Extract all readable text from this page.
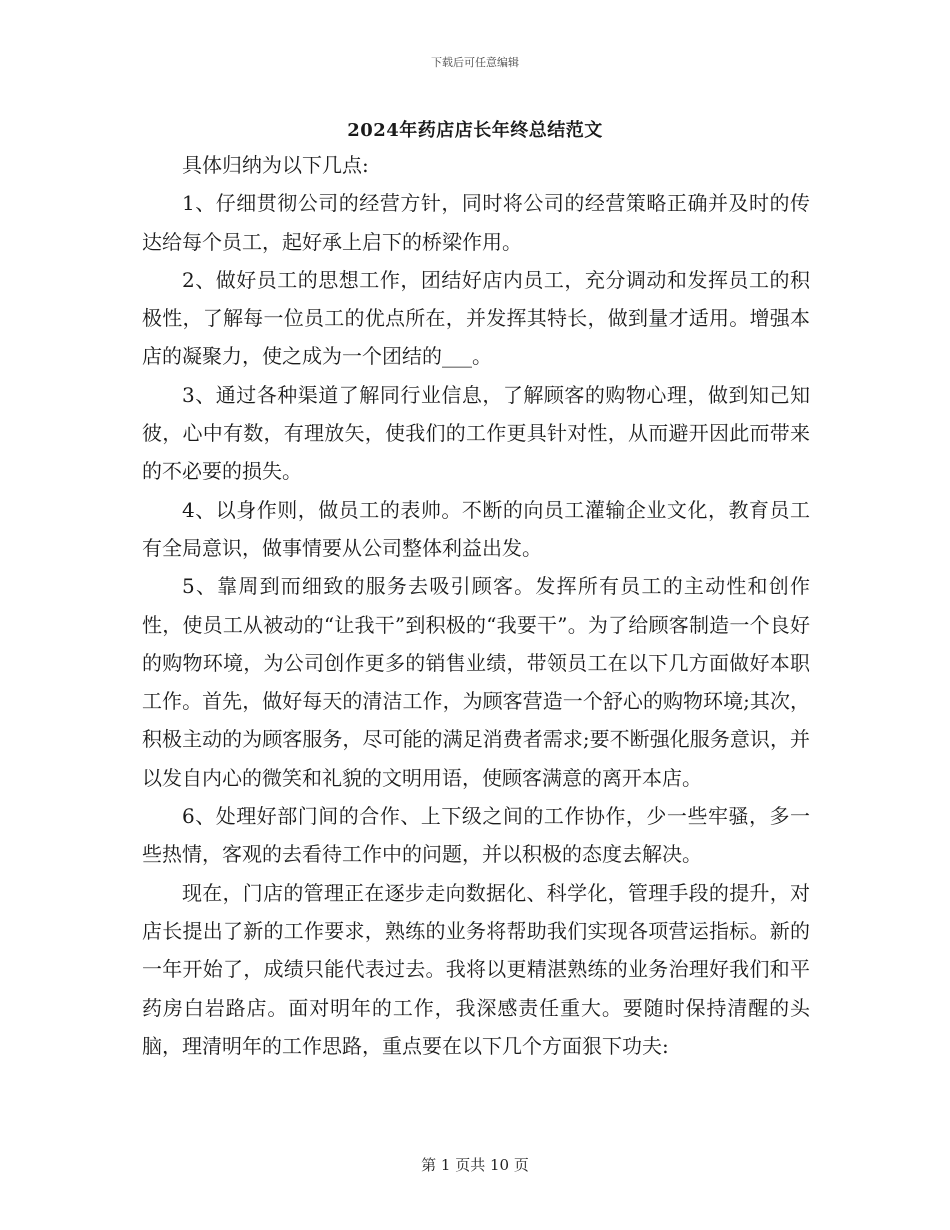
下载后可任意编辑
2024年药店店长年终总结范文

具体归纳为以下几点:

1、仔细贯彻公司的经营方针，同时将公司的经营策略正确并及时的传达给每个员工，起好承上启下的桥梁作用。

2、做好员工的思想工作，团结好店内员工，充分调动和发挥员工的积极性，了解每一位员工的优点所在，并发挥其特长，做到量才适用。增强本店的凝聚力，使之成为一个团结的___。

3、通过各种渠道了解同行业信息，了解顾客的购物心理，做到知己知彼，心中有数，有理放矢，使我们的工作更具针对性，从而避开因此而带来的不必要的损失。

4、以身作则，做员工的表帅。不断的向员工灌输企业文化，教育员工有全局意识，做事情要从公司整体利益出发。

5、靠周到而细致的服务去吸引顾客。发挥所有员工的主动性和创作性，使员工从被动的“让我干”到积极的“我要干”。为了给顾客制造一个良好的购物环境，为公司创作更多的销售业绩，带领员工在以下几方面做好本职工作。首先，做好每天的清洁工作，为顾客营造一个舒心的购物环境;其次，积极主动的为顾客服务，尽可能的满足消费者需求;要不断强化服务意识，并以发自内心的微笑和礼貌的文明用语，使顾客满意的离开本店。

6、处理好部门间的合作、上下级之间的工作协作，少一些牢骚，多一些热情，客观的去看待工作中的问题，并以积极的态度去解决。

现在，门店的管理正在逐步走向数据化、科学化，管理手段的提升，对店长提出了新的工作要求，熟练的业务将帮助我们实现各项营运指标。新的一年开始了，成绩只能代表过去。我将以更精湛熟练的业务治理好我们和平药房白岩路店。面对明年的工作，我深感责任重大。要随时保持清醒的头脑，理清明年的工作思路，重点要在以下几个方面狠下功夫:

第 1 页共 10 页
